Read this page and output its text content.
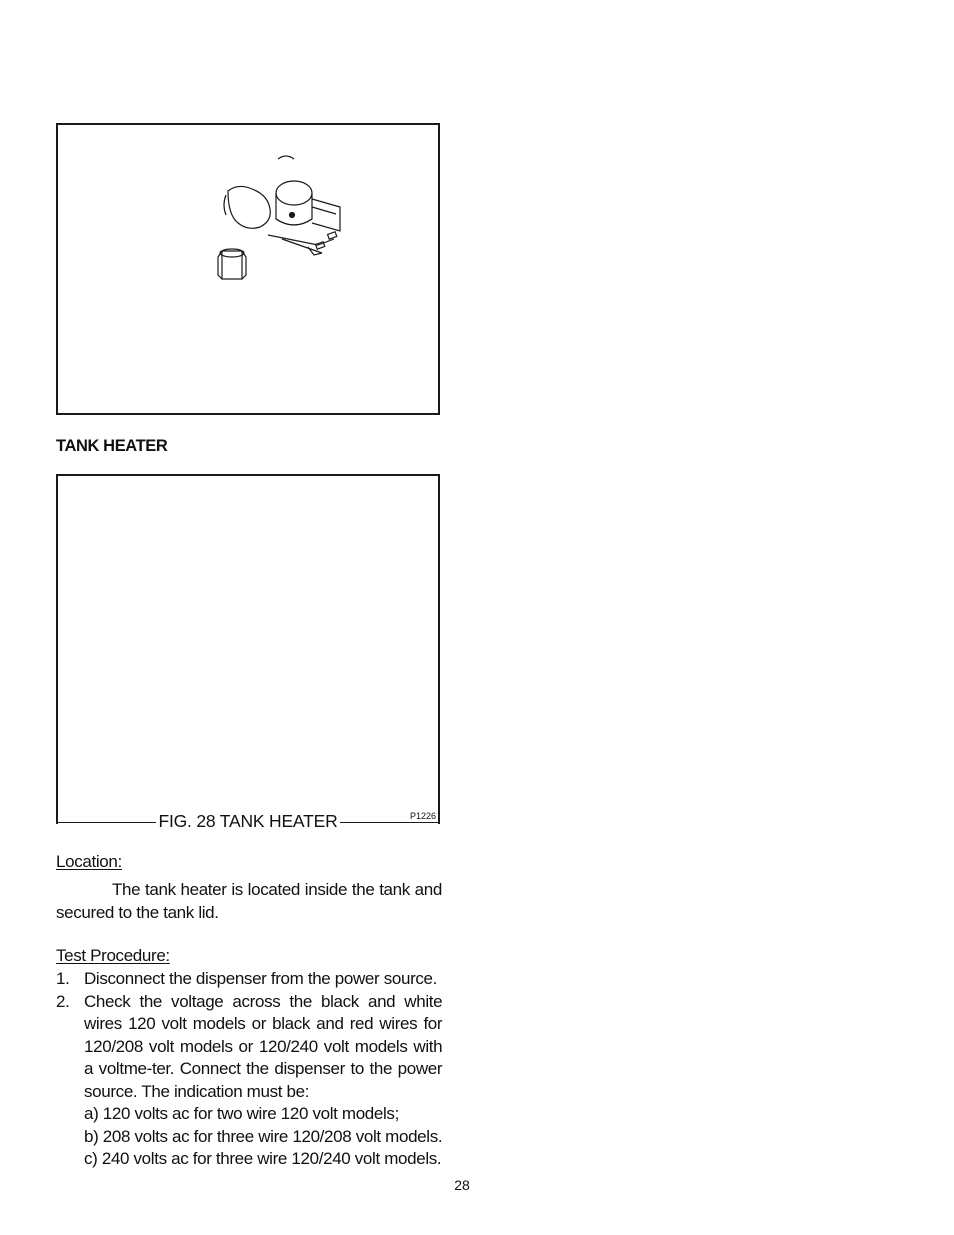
TANK HEATER
FIG. 28 TANK HEATER	P1226
Location:
The tank heater is located inside the tank and secured to the tank lid.
Test Procedure:
1. Disconnect the dispenser from the power source.
2. Check the voltage across the black and white wires 120 volt models or black and red wires for 120/208 volt models or 120/240 volt models with a voltme-ter. Connect the dispenser to the power source. The indication must be:
a) 120 volts ac for two wire 120 volt models;
b) 208 volts ac for three wire 120/208 volt models.
c) 240 volts ac for three wire 120/240 volt models.
28
